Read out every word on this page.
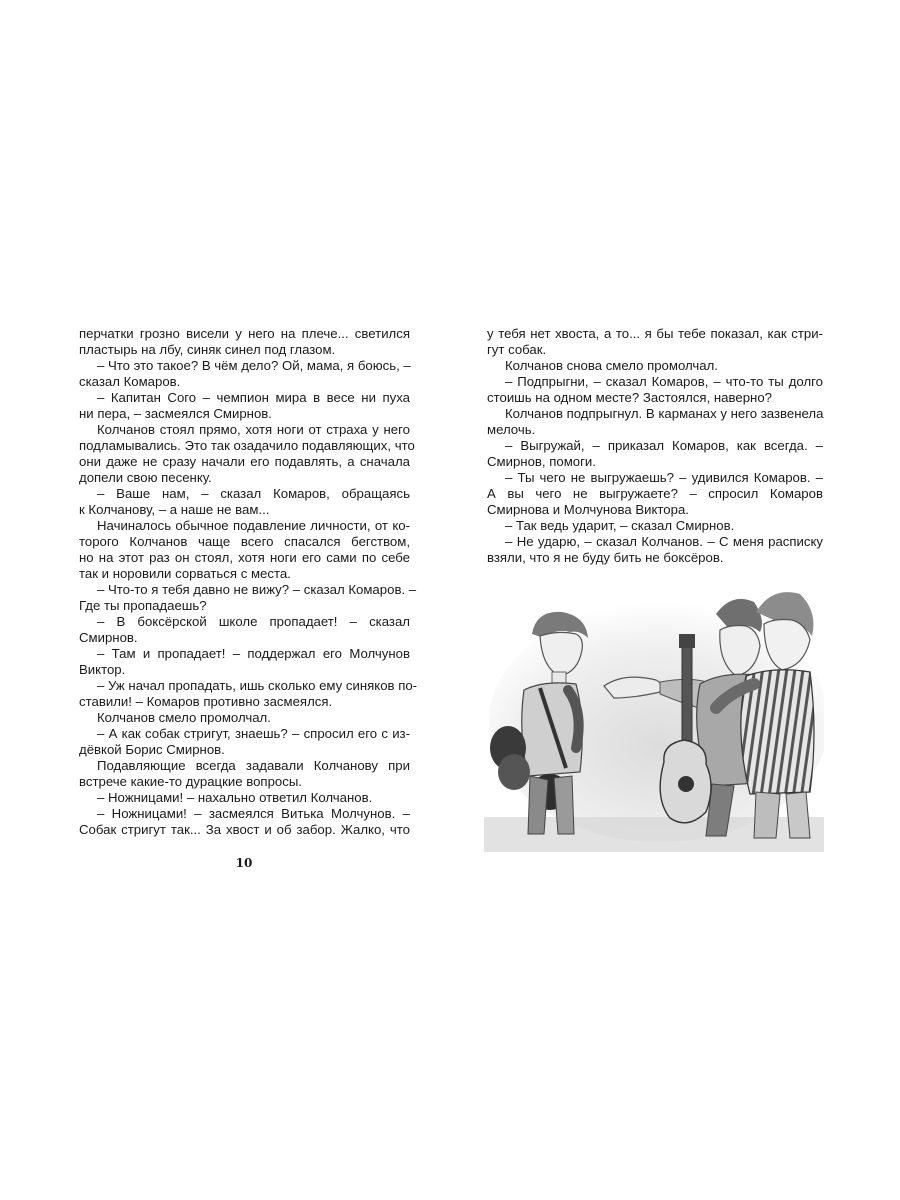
перчатки грозно висели у него на плече... светился
пластырь на лбу, синяк синел под глазом.
– Что это такое? В чём дело? Ой, мама, я боюсь, –
сказал Комаров.
– Капитан Сого – чемпион мира в весе ни пуха
ни пера, – засмеялся Смирнов.
Колчанов стоял прямо, хотя ноги от страха у него
подламывались. Это так озадачило подавляющих, что
они даже не сразу начали его подавлять, а сначала
допели свою песенку.
– Ваше нам, – сказал Комаров, обращаясь
к Колчанову, – а наше не вам...
Начиналось обычное подавление личности, от ко-
торого Колчанов чаще всего спасался бегством,
но на этот раз он стоял, хотя ноги его сами по себе
так и норовили сорваться с места.
– Что-то я тебя давно не вижу? – сказал Комаров. –
Где ты пропадаешь?
– В боксёрской школе пропадает! – сказал
Смирнов.
– Там и пропадает! – поддержал его Молчунов
Виктор.
– Уж начал пропадать, ишь сколько ему синяков по-
ставили! – Комаров противно засмеялся.
Колчанов смело промолчал.
– А как собак стригут, знаешь? – спросил его с из-
дёвкой Борис Смирнов.
Подавляющие всегда задавали Колчанову при
встрече какие-то дурацкие вопросы.
– Ножницами! – нахально ответил Колчанов.
– Ножницами! – засмеялся Витька Молчунов. –
Собак стригут так... За хвост и об забор. Жалко, что
10
у тебя нет хвоста, а то... я бы тебе показал, как стри-
гут собак.
Колчанов снова смело промолчал.
– Подпрыгни, – сказал Комаров, – что-то ты долго
стоишь на одном месте? Застоялся, наверно?
Колчанов подпрыгнул. В карманах у него зазвенела
мелочь.
– Выгружай, – приказал Комаров, как всегда. –
Смирнов, помоги.
– Ты чего не выгружаешь? – удивился Комаров. –
А вы чего не выгружаете? – спросил Комаров
Смирнова и Молчунова Виктора.
– Так ведь ударит, – сказал Смирнов.
– Не ударю, – сказал Колчанов. – С меня расписку
взяли, что я не буду бить не боксёров.
